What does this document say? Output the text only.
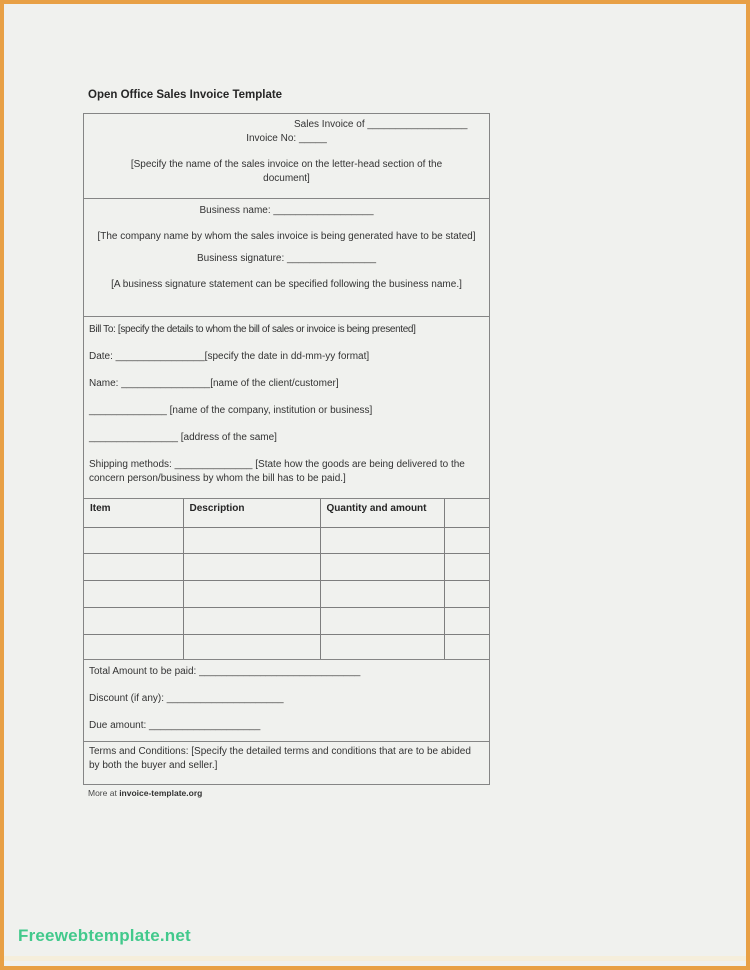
Open Office Sales Invoice Template
Sales Invoice of __________________
Invoice No: _____
[Specify the name of the sales invoice on the letter-head section of the document]
Business name: __________________
[The company name by whom the sales invoice is being generated have to be stated]
Business signature: ________________
[A business signature statement can be specified following the business name.]
Bill To: [specify the details to whom the bill of sales or invoice is being presented]
Date: ________________[specify the date in dd-mm-yy format]
Name: ________________[name of the client/customer]
______________ [name of the company, institution or business]
________________ [address of the same]
Shipping methods: ______________ [State how the goods are being delivered to the concern person/business by whom the bill has to be paid.]
Item	Description	Quantity and amount	

Total Amount to be paid: _____________________________
Discount (if any): _____________________
Due amount: ____________________
Terms and Conditions: [Specify the detailed terms and conditions that are to be abided by both the buyer and seller.]
More at invoice-template.org
Freewebtemplate.net
